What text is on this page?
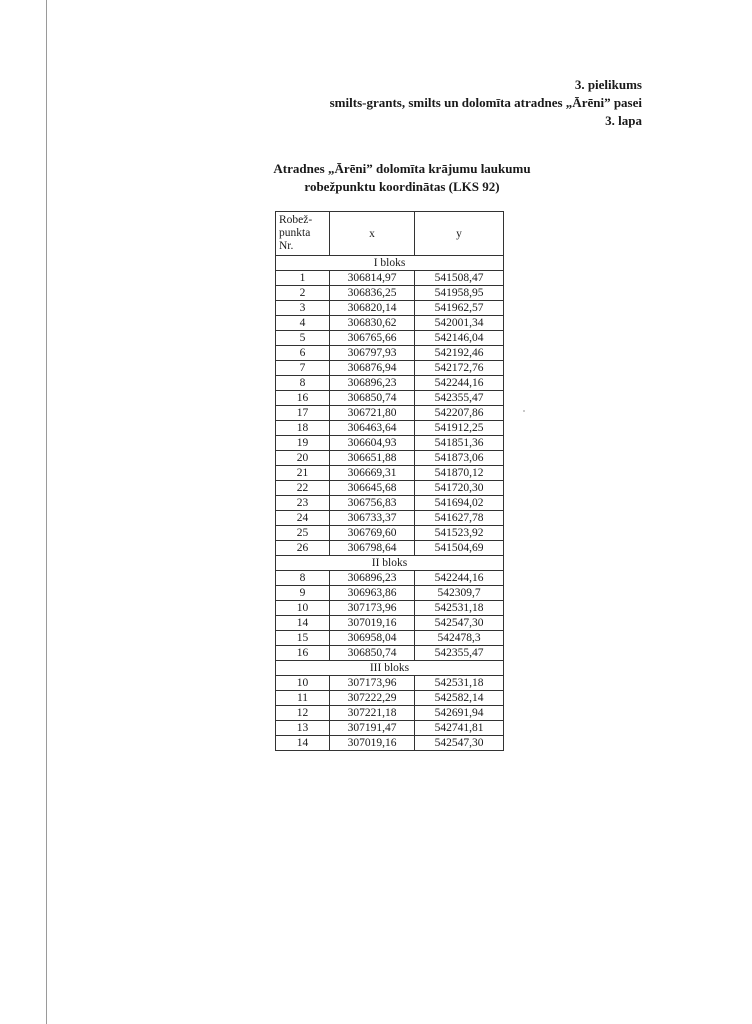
3. pielikums
smilts-grants, smilts un dolomīta atradnes „Ārēni” pasei
3. lapa
Atradnes „Ārēni” dolomīta krājumu laukumu
robežpunktu koordinātas (LKS 92)
Robež-
punkta
Nr.	x	y
I bloks		
1	306814,97	541508,47
2	306836,25	541958,95
3	306820,14	541962,57
4	306830,62	542001,34
5	306765,66	542146,04
6	306797,93	542192,46
7	306876,94	542172,76
8	306896,23	542244,16
16	306850,74	542355,47
17	306721,80	542207,86
18	306463,64	541912,25
19	306604,93	541851,36
20	306651,88	541873,06
21	306669,31	541870,12
22	306645,68	541720,30
23	306756,83	541694,02
24	306733,37	541627,78
25	306769,60	541523,92
26	306798,64	541504,69
II bloks		
8	306896,23	542244,16
9	306963,86	542309,7
10	307173,96	542531,18
14	307019,16	542547,30
15	306958,04	542478,3
16	306850,74	542355,47
III bloks		
10	307173,96	542531,18
11	307222,29	542582,14
12	307221,18	542691,94
13	307191,47	542741,81
14	307019,16	542547,30
